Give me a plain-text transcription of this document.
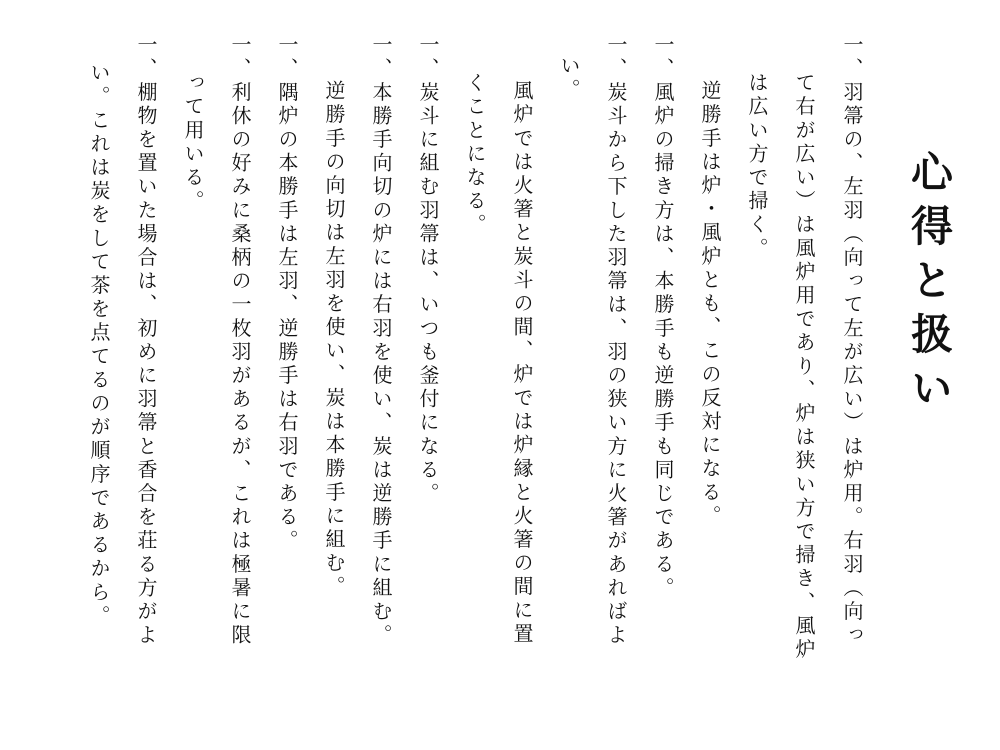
心得と扱い
一、羽箒の、左羽（向って左が広い）は炉用。右羽（向っ
て右が広い）は風炉用であり、炉は狭い方で掃き、風炉
は広い方で掃く。
逆勝手は炉・風炉とも、この反対になる。
一、風炉の掃き方は、本勝手も逆勝手も同じである。
一、炭斗から下した羽箒は、羽の狭い方に火箸があればよ
い。
風炉では火箸と炭斗の間、炉では炉縁と火箸の間に置
くことになる。
一、炭斗に組む羽箒は、いつも釜付になる。
一、本勝手向切の炉には右羽を使い、炭は逆勝手に組む。
逆勝手の向切は左羽を使い、炭は本勝手に組む。
一、隅炉の本勝手は左羽、逆勝手は右羽である。
一、利休の好みに桑柄の一枚羽があるが、これは極暑に限
って用いる。
一、棚物を置いた場合は、初めに羽箒と香合を荘る方がよ
い。これは炭をして茶を点てるのが順序であるから。
